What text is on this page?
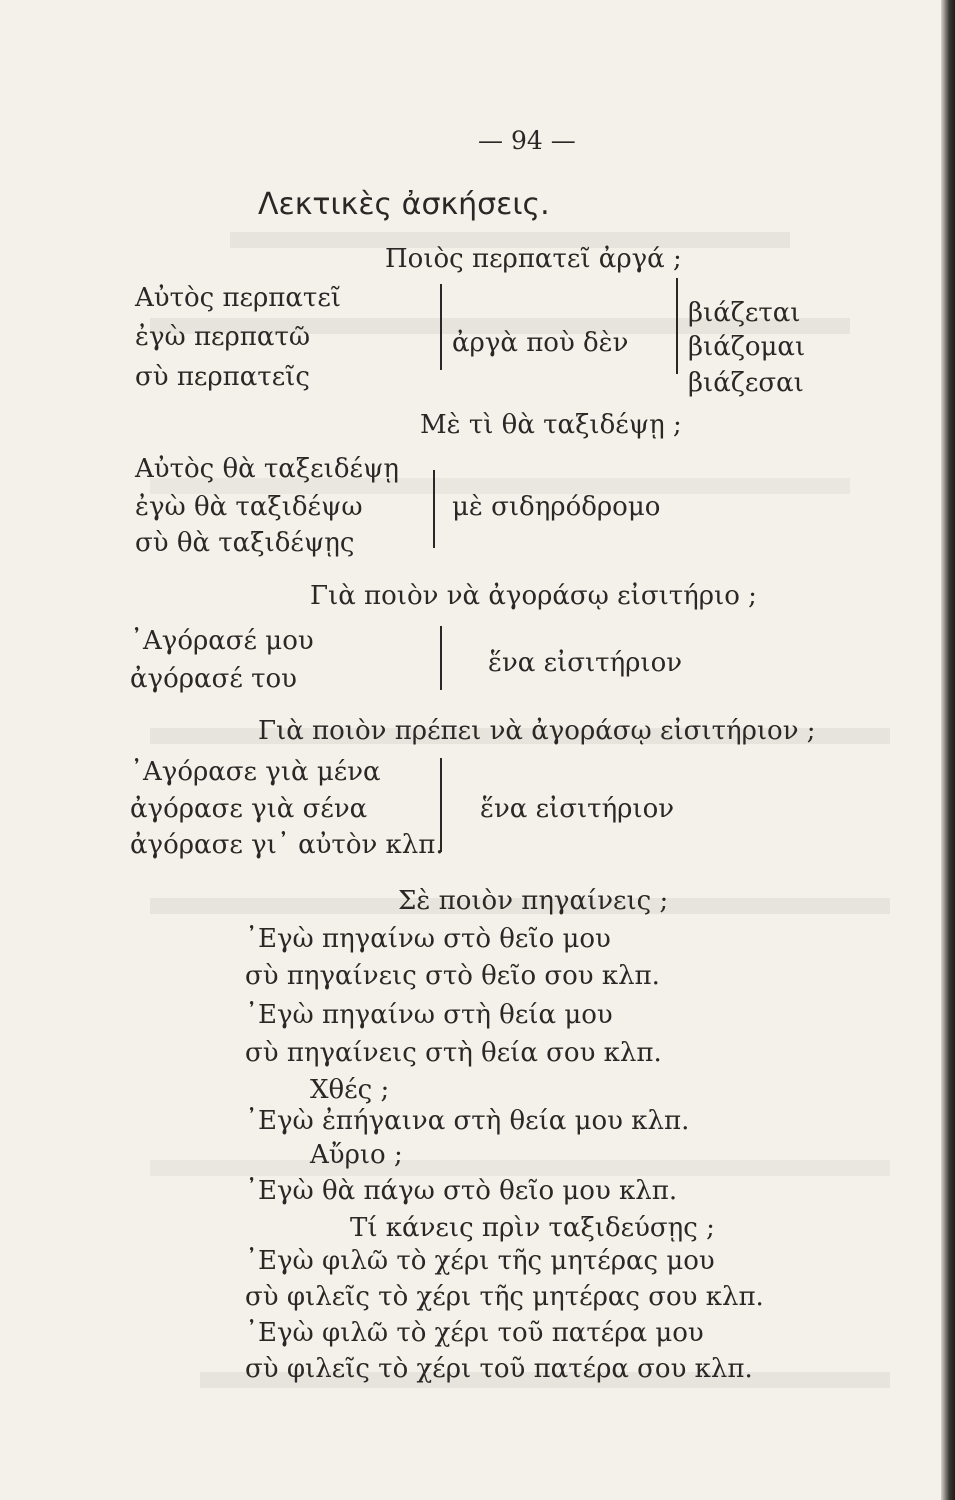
— 94 —
Λεκτικὲς ἀσκήσεις.
Ποιὸς περπατεῖ ἀργά ;
Αὐτὸς περπατεῖ
ἐγὼ περπατῶ
σὺ περπατεῖς
ἀργὰ ποὺ δὲν
βιάζεται
βιάζομαι
βιάζεσαι
Μὲ τὶ θὰ ταξιδέψῃ ;
Αὐτὸς θὰ ταξειδέψῃ
ἐγὼ θὰ ταξιδέψω
σὺ θὰ ταξιδέψῃς
μὲ σιδηρόδρομο
Γιὰ ποιὸν νὰ ἀγοράσῳ εἰσιτήριο ;
᾿Αγόρασέ μου
ἀγόρασέ του
ἕνα εἰσιτήριον
Γιὰ ποιὸν πρέπει νὰ ἀγοράσῳ εἰσιτήριον ;
᾿Αγόρασε γιὰ μένα
ἀγόρασε γιὰ σένα
ἀγόρασε γι᾿ αὐτὸν κλπ.
ἕνα εἰσιτήριον
Σὲ ποιὸν πηγαίνεις ;
᾿Εγὼ πηγαίνω στὸ θεῖο μου
σὺ πηγαίνεις στὸ θεῖο σου κλπ.
᾿Εγὼ πηγαίνω στὴ θεία μου
σὺ πηγαίνεις στὴ θεία σου κλπ.
Χθές ;
᾿Εγὼ ἐπήγαινα στὴ θεία μου κλπ.
Αὔριο ;
᾿Εγὼ θὰ πάγω στὸ θεῖο μου κλπ.
Τί κάνεις πρὶν ταξιδεύσῃς ;
᾿Εγὼ φιλῶ τὸ χέρι τῆς μητέρας μου
σὺ φιλεῖς τὸ χέρι τῆς μητέρας σου κλπ.
᾿Εγὼ φιλῶ τὸ χέρι τοῦ πατέρα μου
σὺ φιλεῖς τὸ χέρι τοῦ πατέρα σου κλπ.
